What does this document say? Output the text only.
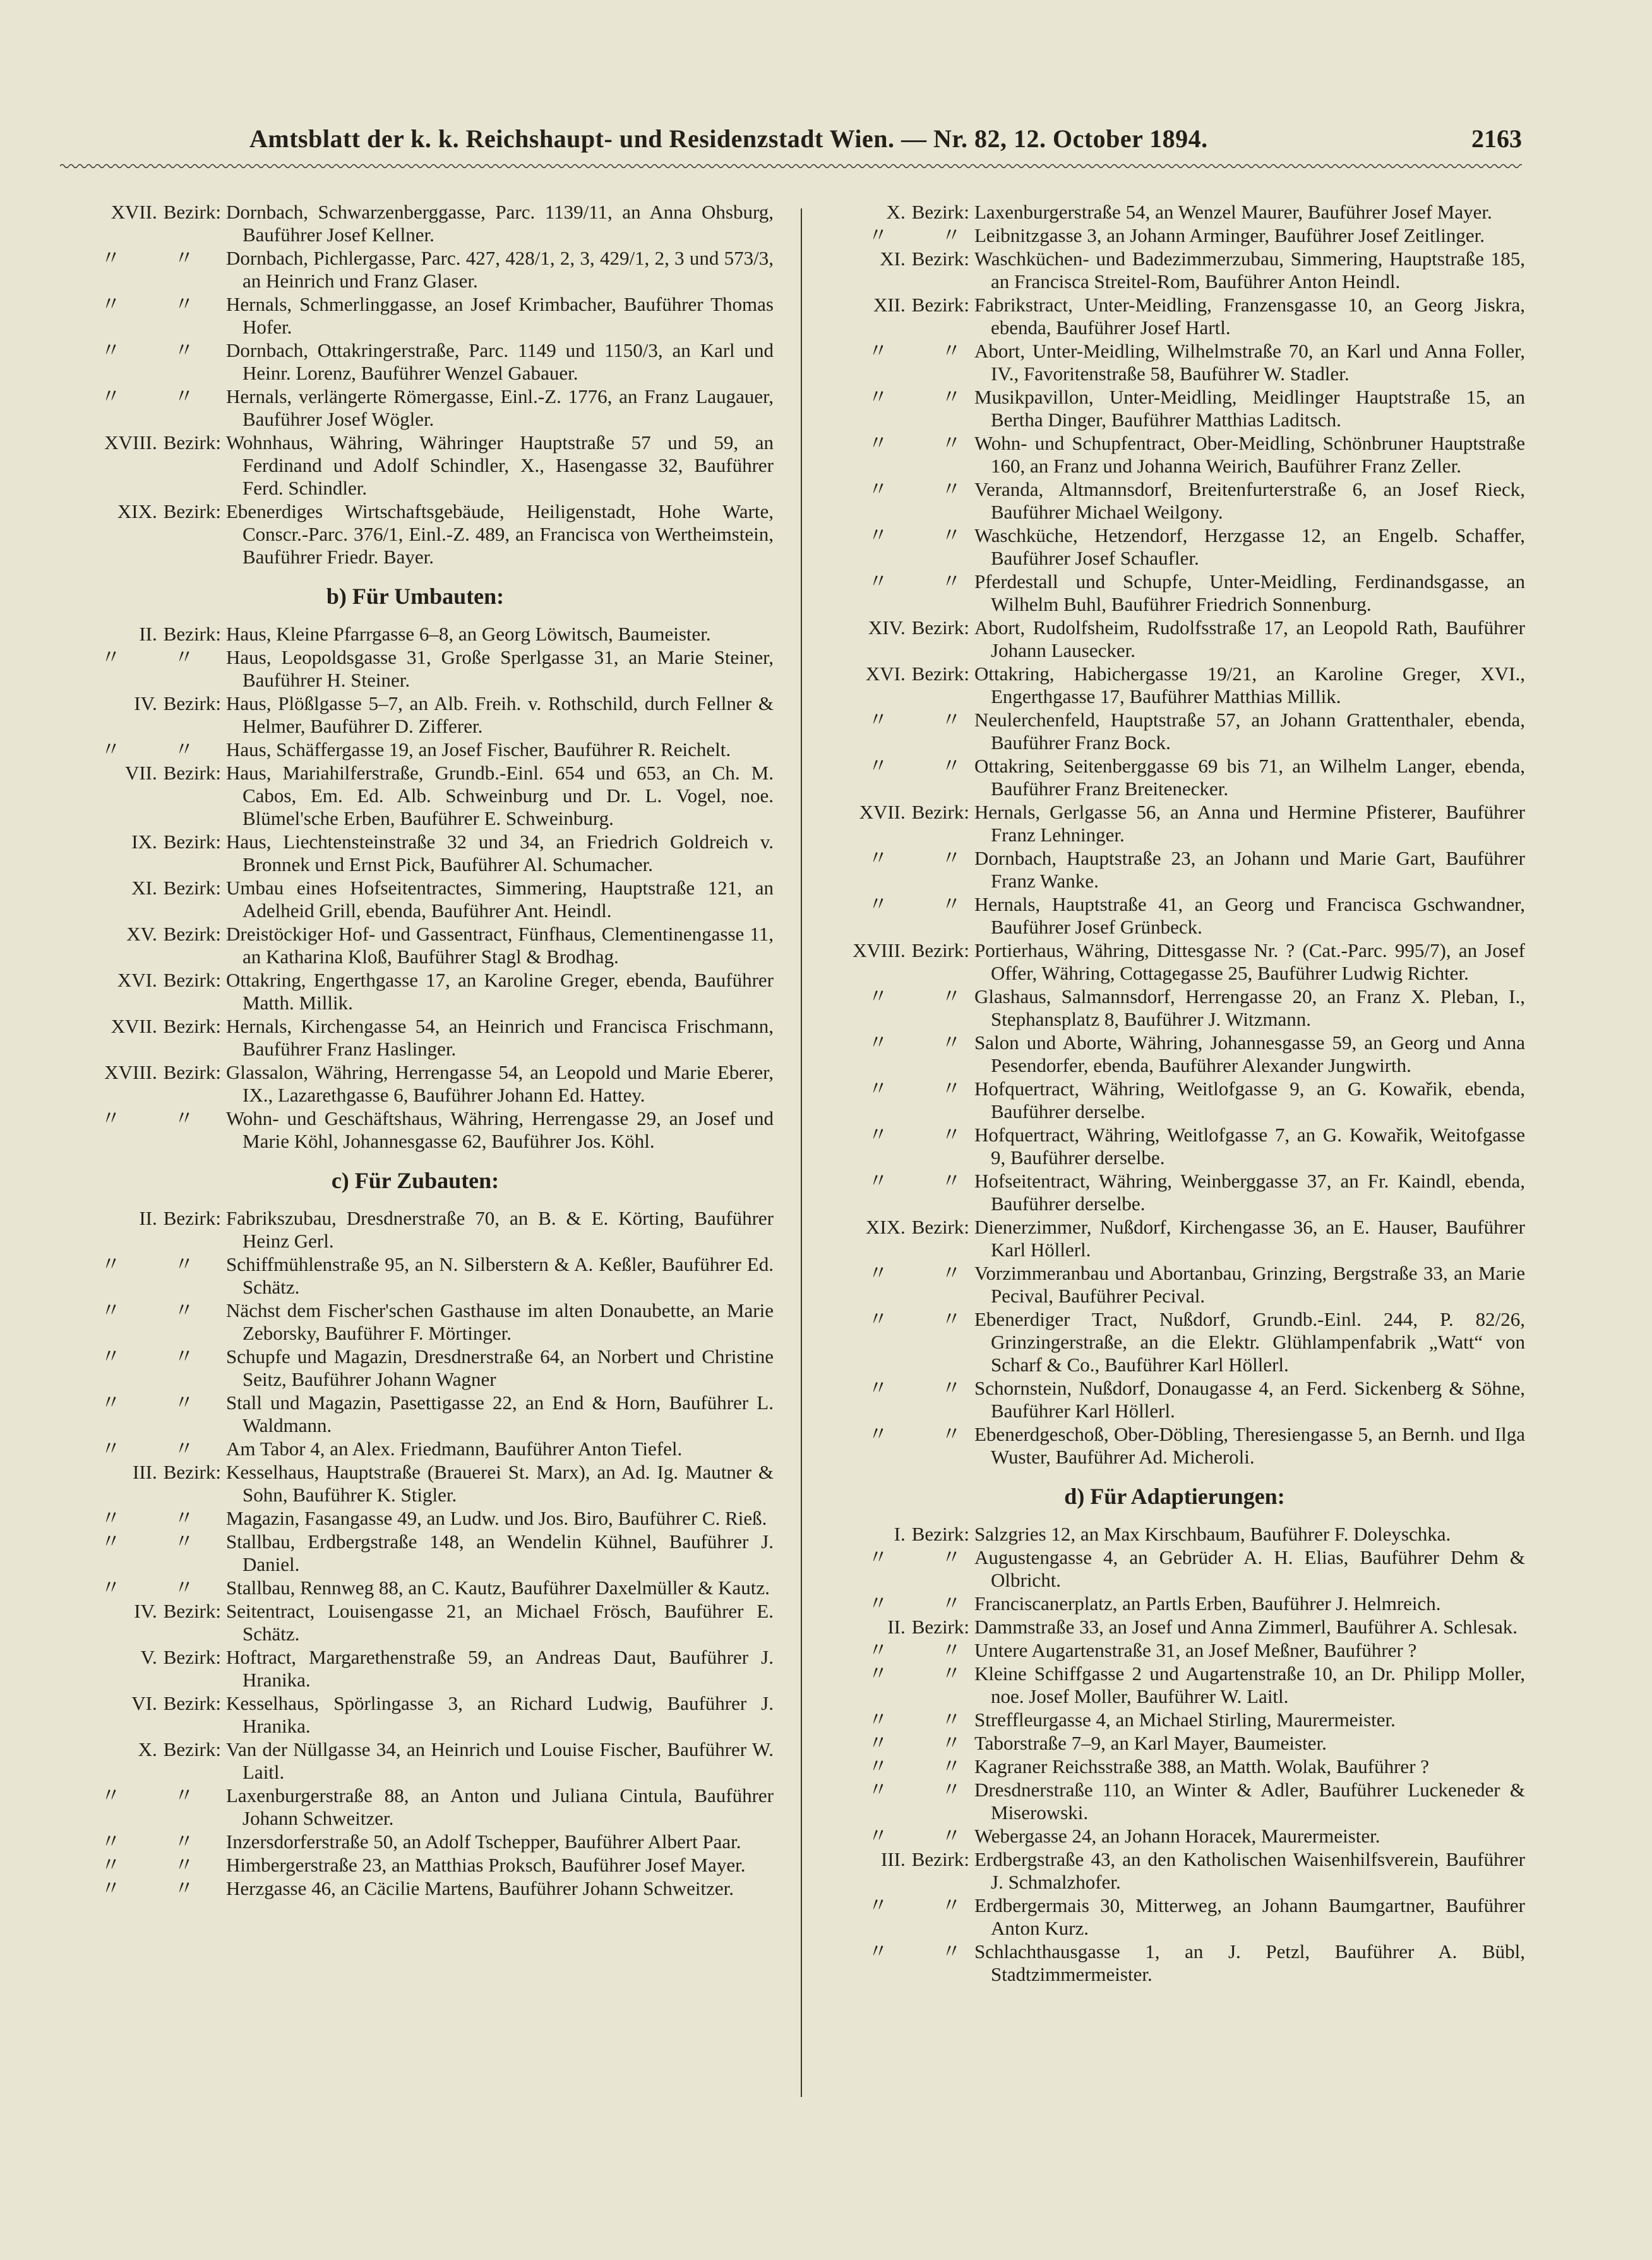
Amtsblatt der k. k. Reichshaupt- und Residenzstadt Wien. — Nr. 82, 12. October 1894.	2163
XVII. Bezirk: Dornbach, Schwarzenberggasse, Parc. 1139/11, an Anna Ohsburg, Bauführer Josef Kellner.
〃	〃 Dornbach, Pichlergasse, Parc. 427, 428/1, 2, 3, 429/1, 2, 3 und 573/3, an Heinrich und Franz Glaser.
〃	〃 Hernals, Schmerlinggasse, an Josef Krimbacher, Bauführer Thomas Hofer.
〃	〃 Dornbach, Ottakringerstraße, Parc. 1149 und 1150/3, an Karl und Heinr. Lorenz, Bauführer Wenzel Gabauer.
〃	〃 Hernals, verlängerte Römergasse, Einl.-Z. 1776, an Franz Laugauer, Bauführer Josef Wögler.
XVIII. Bezirk: Wohnhaus, Währing, Währinger Hauptstraße 57 und 59, an Ferdinand und Adolf Schindler, X., Hasengasse 32, Bauführer Ferd. Schindler.
XIX. Bezirk: Ebenerdiges Wirtschaftsgebäude, Heiligenstadt, Hohe Warte, Conscr.-Parc. 376/1, Einl.-Z. 489, an Francisca von Wertheimstein, Bauführer Friedr. Bayer.
b) Für Umbauten:
II. Bezirk: Haus, Kleine Pfarrgasse 6–8, an Georg Löwitsch, Baumeister.
〃	〃 Haus, Leopoldsgasse 31, Große Sperlgasse 31, an Marie Steiner, Bauführer H. Steiner.
IV. Bezirk: Haus, Plößlgasse 5–7, an Alb. Freih. v. Rothschild, durch Fellner & Helmer, Bauführer D. Zifferer.
〃	〃 Haus, Schäffergasse 19, an Josef Fischer, Bauführer R. Reichelt.
VII. Bezirk: Haus, Mariahilferstraße, Grundb.-Einl. 654 und 653, an Ch. M. Cabos, Em. Ed. Alb. Schweinburg und Dr. L. Vogel, noe. Blümel'sche Erben, Bauführer E. Schweinburg.
IX. Bezirk: Haus, Liechtensteinstraße 32 und 34, an Friedrich Goldreich v. Bronnek und Ernst Pick, Bauführer Al. Schumacher.
XI. Bezirk: Umbau eines Hofseitentractes, Simmering, Hauptstraße 121, an Adelheid Grill, ebenda, Bauführer Ant. Heindl.
XV. Bezirk: Dreistöckiger Hof- und Gassentract, Fünfhaus, Clementinengasse 11, an Katharina Kloß, Bauführer Stagl & Brodhag.
XVI. Bezirk: Ottakring, Engerthgasse 17, an Karoline Greger, ebenda, Bauführer Matth. Millik.
XVII. Bezirk: Hernals, Kirchengasse 54, an Heinrich und Francisca Frischmann, Bauführer Franz Haslinger.
XVIII. Bezirk: Glassalon, Währing, Herrengasse 54, an Leopold und Marie Eberer, IX., Lazarethgasse 6, Bauführer Johann Ed. Hattey.
〃	〃 Wohn- und Geschäftshaus, Währing, Herrengasse 29, an Josef und Marie Köhl, Johannesgasse 62, Bauführer Jos. Köhl.
c) Für Zubauten:
II. Bezirk: Fabrikszubau, Dresdnerstraße 70, an B. & E. Körting, Bauführer Heinz Gerl.
〃	〃 Schiffmühlenstraße 95, an N. Silberstern & A. Keßler, Bauführer Ed. Schätz.
〃	〃 Nächst dem Fischer'schen Gasthause im alten Donaubette, an Marie Zeborsky, Bauführer F. Mörtinger.
〃	〃 Schupfe und Magazin, Dresdnerstraße 64, an Norbert und Christine Seitz, Bauführer Johann Wagner
〃	〃 Stall und Magazin, Pasettigasse 22, an End & Horn, Bauführer L. Waldmann.
〃	〃 Am Tabor 4, an Alex. Friedmann, Bauführer Anton Tiefel.
III. Bezirk: Kesselhaus, Hauptstraße (Brauerei St. Marx), an Ad. Ig. Mautner & Sohn, Bauführer K. Stigler.
〃	〃 Magazin, Fasangasse 49, an Ludw. und Jos. Biro, Bauführer C. Rieß.
〃	〃 Stallbau, Erdbergstraße 148, an Wendelin Kühnel, Bauführer J. Daniel.
〃	〃 Stallbau, Rennweg 88, an C. Kautz, Bauführer Daxelmüller & Kautz.
IV. Bezirk: Seitentract, Louisengasse 21, an Michael Frösch, Bauführer E. Schätz.
V. Bezirk: Hoftract, Margarethenstraße 59, an Andreas Daut, Bauführer J. Hranika.
VI. Bezirk: Kesselhaus, Spörlingasse 3, an Richard Ludwig, Bauführer J. Hranika.
X. Bezirk: Van der Nüllgasse 34, an Heinrich und Louise Fischer, Bauführer W. Laitl.
〃	〃 Laxenburgerstraße 88, an Anton und Juliana Cintula, Bauführer Johann Schweitzer.
〃	〃 Inzersdorferstraße 50, an Adolf Tschepper, Bauführer Albert Paar.
〃	〃 Himbergerstraße 23, an Matthias Proksch, Bauführer Josef Mayer.
〃	〃 Herzgasse 46, an Cäcilie Martens, Bauführer Johann Schweitzer.
X. Bezirk: Laxenburgerstraße 54, an Wenzel Maurer, Bauführer Josef Mayer.
〃	〃 Leibnitzgasse 3, an Johann Arminger, Bauführer Josef Zeitlinger.
XI. Bezirk: Waschküchen- und Badezimmerzubau, Simmering, Hauptstraße 185, an Francisca Streitel-Rom, Bauführer Anton Heindl.
XII. Bezirk: Fabrikstract, Unter-Meidling, Franzensgasse 10, an Georg Jiskra, ebenda, Bauführer Josef Hartl.
〃	〃 Abort, Unter-Meidling, Wilhelmstraße 70, an Karl und Anna Foller, IV., Favoritenstraße 58, Bauführer W. Stadler.
〃	〃 Musikpavillon, Unter-Meidling, Meidlinger Hauptstraße 15, an Bertha Dinger, Bauführer Matthias Laditsch.
〃	〃 Wohn- und Schupfentract, Ober-Meidling, Schönbruner Hauptstraße 160, an Franz und Johanna Weirich, Bauführer Franz Zeller.
〃	〃 Veranda, Altmannsdorf, Breitenfurterstraße 6, an Josef Rieck, Bauführer Michael Weilgony.
〃	〃 Waschküche, Hetzendorf, Herzgasse 12, an Engelb. Schaffer, Bauführer Josef Schaufler.
〃	〃 Pferdestall und Schupfe, Unter-Meidling, Ferdinandsgasse, an Wilhelm Buhl, Bauführer Friedrich Sonnenburg.
XIV. Bezirk: Abort, Rudolfsheim, Rudolfsstraße 17, an Leopold Rath, Bauführer Johann Lausecker.
XVI. Bezirk: Ottakring, Habichergasse 19/21, an Karoline Greger, XVI., Engerthgasse 17, Bauführer Matthias Millik.
〃	〃 Neulerchenfeld, Hauptstraße 57, an Johann Grattenthaler, ebenda, Bauführer Franz Bock.
〃	〃 Ottakring, Seitenberggasse 69 bis 71, an Wilhelm Langer, ebenda, Bauführer Franz Breitenecker.
XVII. Bezirk: Hernals, Gerlgasse 56, an Anna und Hermine Pfisterer, Bauführer Franz Lehninger.
〃	〃 Dornbach, Hauptstraße 23, an Johann und Marie Gart, Bauführer Franz Wanke.
〃	〃 Hernals, Hauptstraße 41, an Georg und Francisca Gschwandner, Bauführer Josef Grünbeck.
XVIII. Bezirk: Portierhaus, Währing, Dittesgasse Nr. ? (Cat.-Parc. 995/7), an Josef Offer, Währing, Cottagegasse 25, Bauführer Ludwig Richter.
〃	〃 Glashaus, Salmannsdorf, Herrengasse 20, an Franz X. Pleban, I., Stephansplatz 8, Bauführer J. Witzmann.
〃	〃 Salon und Aborte, Währing, Johannesgasse 59, an Georg und Anna Pesendorfer, ebenda, Bauführer Alexander Jungwirth.
〃	〃 Hofquertract, Währing, Weitlofgasse 9, an G. Kowařik, ebenda, Bauführer derselbe.
〃	〃 Hofquertract, Währing, Weitlofgasse 7, an G. Kowařik, Weitofgasse 9, Bauführer derselbe.
〃	〃 Hofseitentract, Währing, Weinberggasse 37, an Fr. Kaindl, ebenda, Bauführer derselbe.
XIX. Bezirk: Dienerzimmer, Nußdorf, Kirchengasse 36, an E. Hauser, Bauführer Karl Höllerl.
〃	〃 Vorzimmeranbau und Abortanbau, Grinzing, Bergstraße 33, an Marie Pecival, Bauführer Pecival.
〃	〃 Ebenerdiger Tract, Nußdorf, Grundb.-Einl. 244, P. 82/26, Grinzingerstraße, an die Elektr. Glühlampenfabrik „Watt“ von Scharf & Co., Bauführer Karl Höllerl.
〃	〃 Schornstein, Nußdorf, Donaugasse 4, an Ferd. Sickenberg & Söhne, Bauführer Karl Höllerl.
〃	〃 Ebenerdgeschoß, Ober-Döbling, Theresiengasse 5, an Bernh. und Ilga Wuster, Bauführer Ad. Micheroli.
d) Für Adaptierungen:
I. Bezirk: Salzgries 12, an Max Kirschbaum, Bauführer F. Doleyschka.
〃	〃 Augustengasse 4, an Gebrüder A. H. Elias, Bauführer Dehm & Olbricht.
〃	〃 Franciscanerplatz, an Partls Erben, Bauführer J. Helmreich.
II. Bezirk: Dammstraße 33, an Josef und Anna Zimmerl, Bauführer A. Schlesak.
〃	〃 Untere Augartenstraße 31, an Josef Meßner, Bauführer ?
〃	〃 Kleine Schiffgasse 2 und Augartenstraße 10, an Dr. Philipp Moller, noe. Josef Moller, Bauführer W. Laitl.
〃	〃 Streffleurgasse 4, an Michael Stirling, Maurermeister.
〃	〃 Taborstraße 7–9, an Karl Mayer, Baumeister.
〃	〃 Kagraner Reichsstraße 388, an Matth. Wolak, Bauführer ?
〃	〃 Dresdnerstraße 110, an Winter & Adler, Bauführer Luckeneder & Miserowski.
〃	〃 Webergasse 24, an Johann Horacek, Maurermeister.
III. Bezirk: Erdbergstraße 43, an den Katholischen Waisenhilfsverein, Bauführer J. Schmalzhofer.
〃	〃 Erdbergermais 30, Mitterweg, an Johann Baumgartner, Bauführer Anton Kurz.
〃	〃 Schlachthausgasse 1, an J. Petzl, Bauführer A. Bübl, Stadtzimmermeister.
